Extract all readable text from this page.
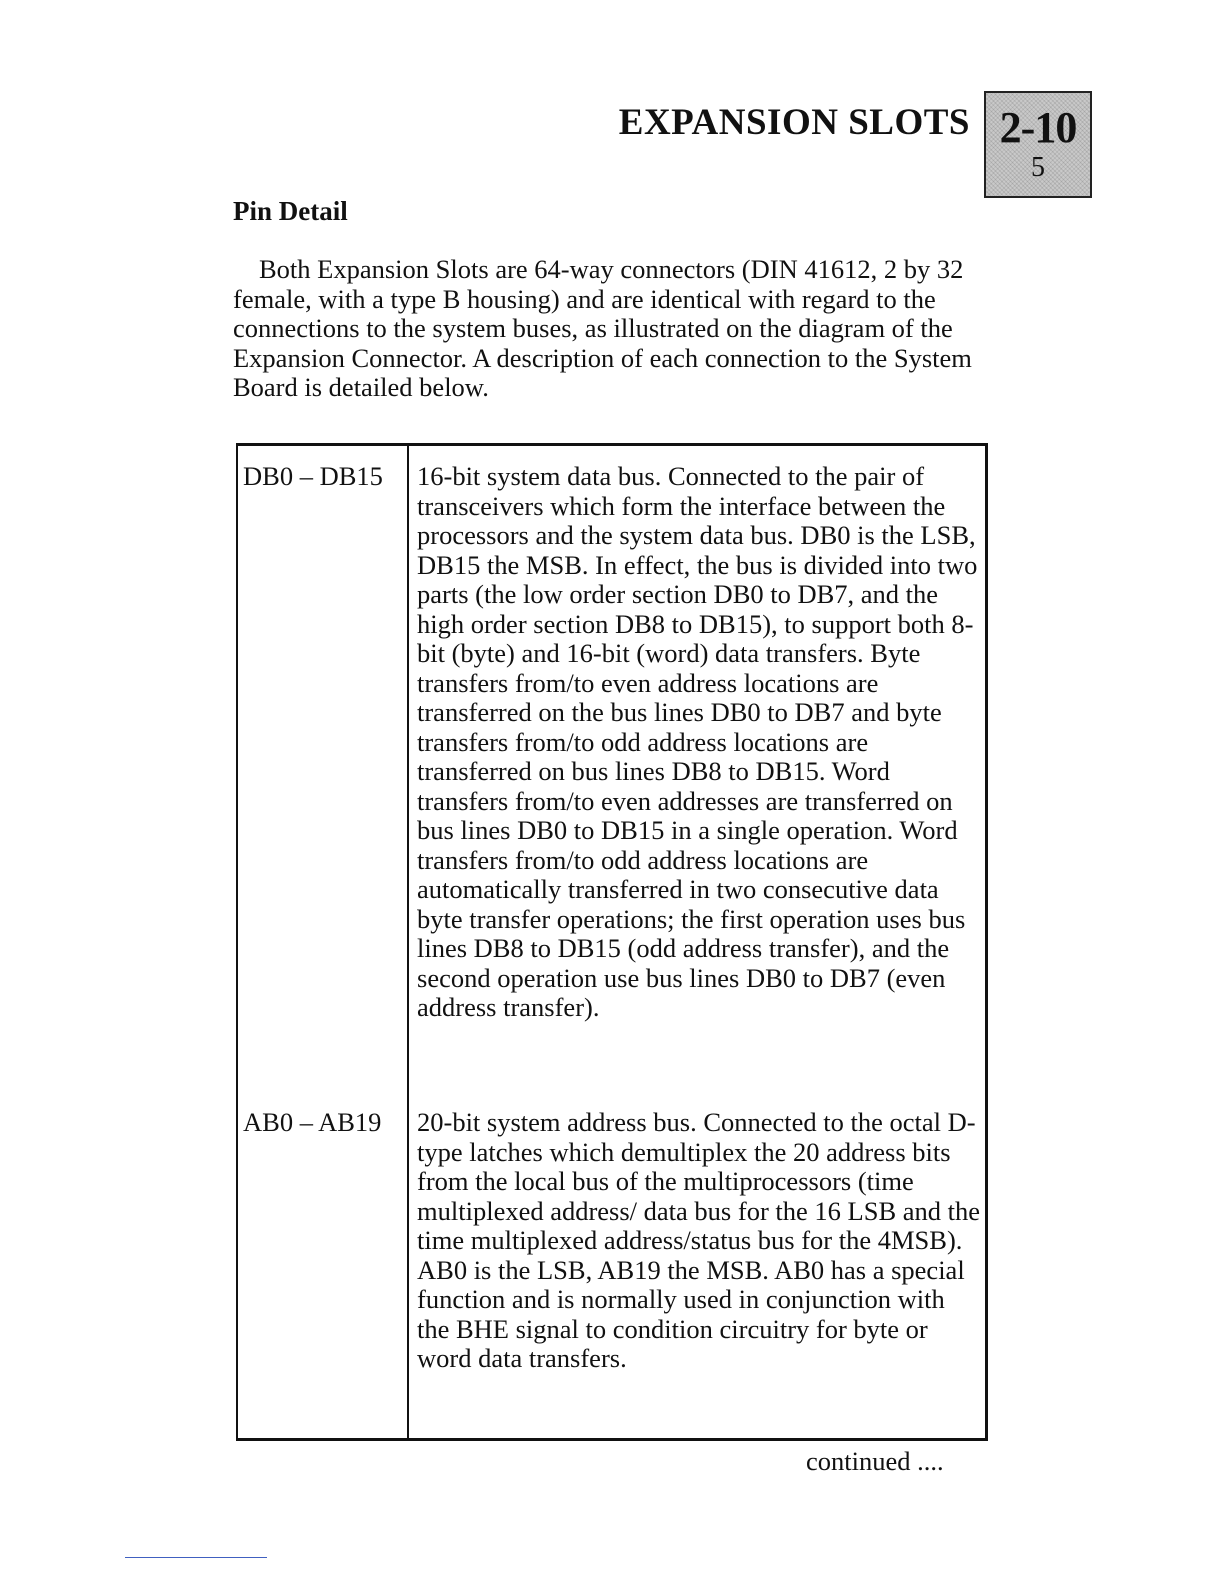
EXPANSION SLOTS 2-10
5
Pin Detail

Both Expansion Slots are 64-way connectors (DIN 41612, 2 by 32 female, with a type B housing) and are identical with regard to the connections to the system buses, as illustrated on the diagram of the Expansion Connector. A description of each connection to the System Board is detailed below.

DB0 – DB15	16-bit system data bus. Connected to the pair of transceivers which form the interface between the processors and the system data bus. DB0 is the LSB, DB15 the MSB. In effect, the bus is divided into two parts (the low order section DB0 to DB7, and the high order section DB8 to DB15), to support both 8-bit (byte) and 16-bit (word) data transfers. Byte transfers from/to even address locations are transferred on the bus lines DB0 to DB7 and byte transfers from/to odd address locations are transferred on bus lines DB8 to DB15. Word transfers from/to even addresses are transferred on bus lines DB0 to DB15 in a single operation. Word transfers from/to odd address locations are automatically transferred in two consecutive data byte transfer operations; the first operation uses bus lines DB8 to DB15 (odd address transfer), and the second operation use bus lines DB0 to DB7 (even address transfer).

AB0 – AB19	20-bit system address bus. Connected to the octal D-type latches which demultiplex the 20 address bits from the local bus of the multiprocessors (time multiplexed address/ data bus for the 16 LSB and the time multiplexed address/status bus for the 4MSB). AB0 is the LSB, AB19 the MSB. AB0 has a special function and is normally used in conjunction with the BHE signal to condition circuitry for byte or word data transfers.

continued ....
